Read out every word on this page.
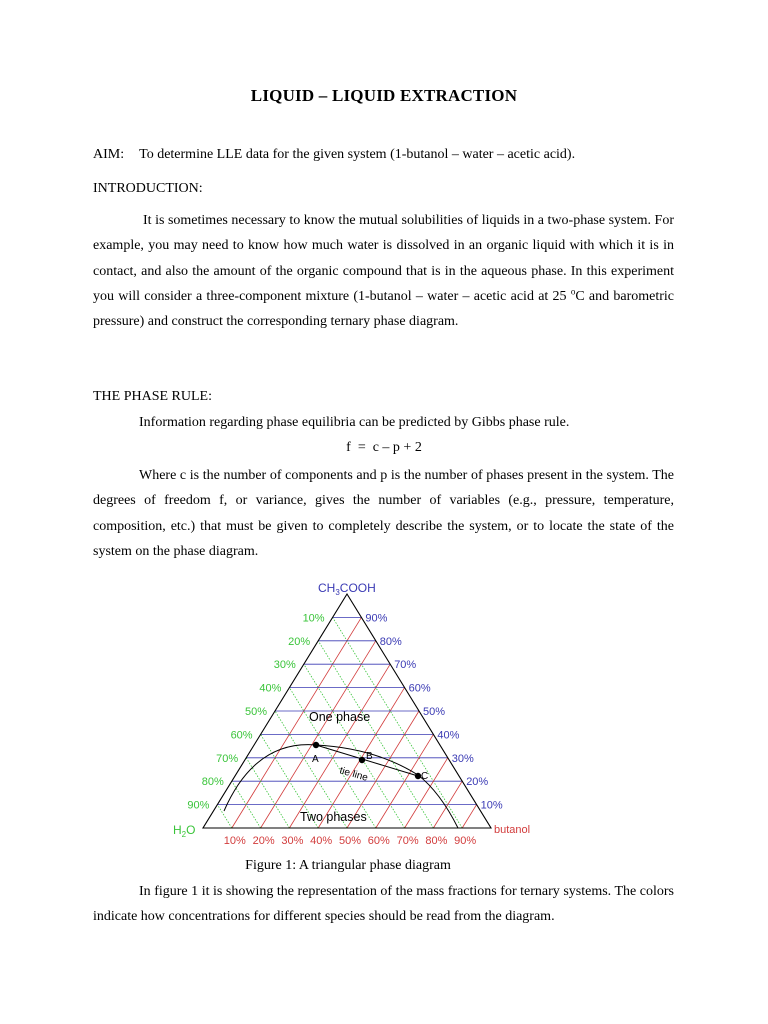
LIQUID – LIQUID EXTRACTION
AIM: To determine LLE data for the given system (1-butanol – water – acetic acid).
INTRODUCTION:
It is sometimes necessary to know the mutual solubilities of liquids in a two-phase system. For example, you may need to know how much water is dissolved in an organic liquid with which it is in contact, and also the amount of the organic compound that is in the aqueous phase. In this experiment you will consider a three-component mixture (1-butanol – water – acetic acid at 25 $^o$C and barometric pressure) and construct the corresponding ternary phase diagram.
THE PHASE RULE:
Information regarding phase equilibria can be predicted by Gibbs phase rule.
f  =  c – p + 2
Where c is the number of components and p is the number of phases present in the system. The degrees of freedom f, or variance, gives the number of variables (e.g., pressure, temperature, composition, etc.) that must be given to completely describe the system, or to locate the state of the system on the phase diagram.
A	B
C
$CH_3COOH$
$H_2O$	butanol
10%
20%
30%
40%
50%
60%
70%
80%
90%
90%
80%
70%
60%
50%
40%
30%
20%
10%
10% 20% 30% 40% 50% 60% 70% 80% 90%
One phase
Two phases
tie line
Figure 1: A triangular phase diagram
In figure 1 it is showing the representation of the mass fractions for ternary systems. The colors indicate how concentrations for different species should be read from the diagram.
